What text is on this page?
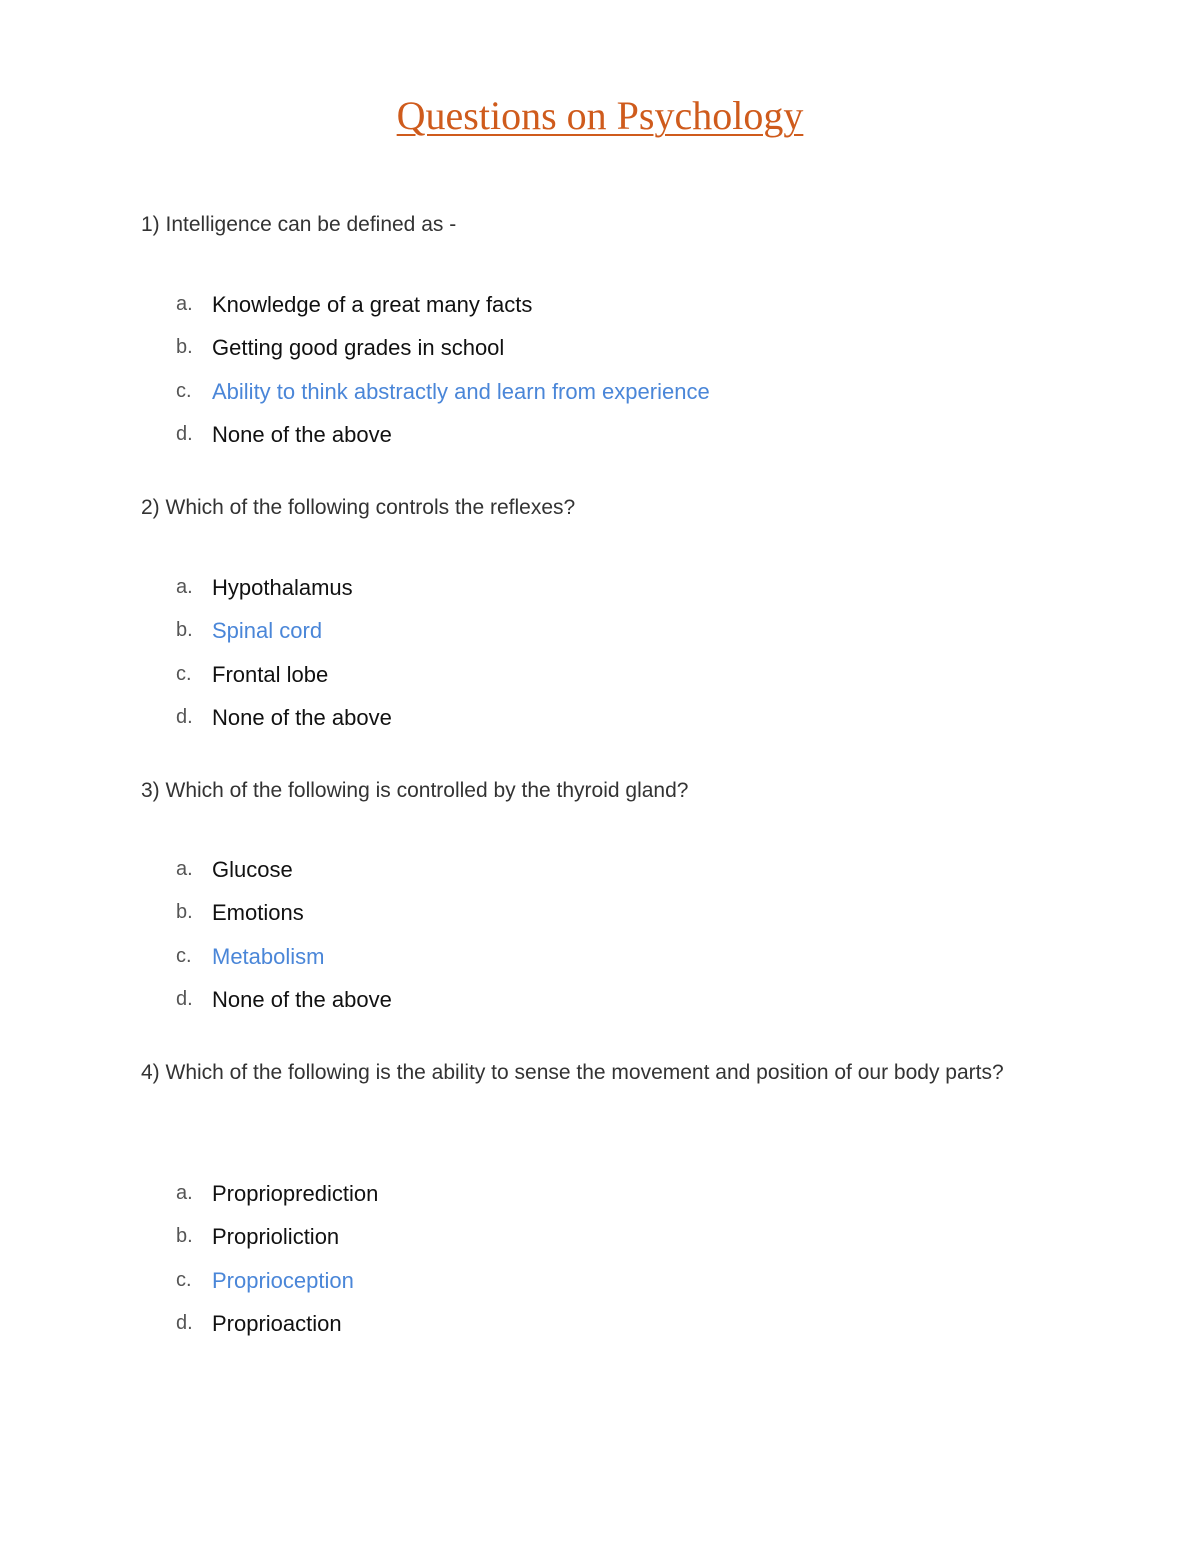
Questions on Psychology
1) Intelligence can be defined as -
a. Knowledge of a great many facts
b. Getting good grades in school
c. Ability to think abstractly and learn from experience
d. None of the above
2) Which of the following controls the reflexes?
a. Hypothalamus
b. Spinal cord
c. Frontal lobe
d. None of the above
3) Which of the following is controlled by the thyroid gland?
a. Glucose
b. Emotions
c. Metabolism
d. None of the above
4) Which of the following is the ability to sense the movement and position of our body parts?
a. Proprioprediction
b. Proprioliction
c. Proprioception
d. Proprioaction
